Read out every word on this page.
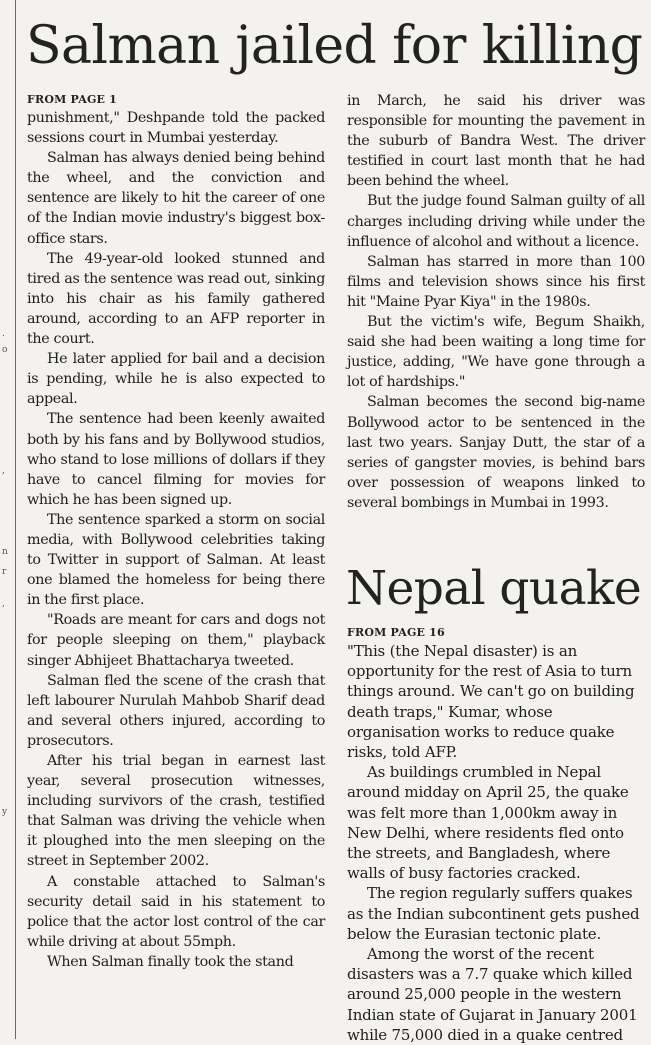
.
o
,
n
r
,
y
Salman jailed for killing

FROM PAGE 1

punishment," Deshpande told the packed sessions court in Mumbai yesterday.

Salman has always denied being behind the wheel, and the conviction and sentence are likely to hit the career of one of the Indian movie industry's biggest box-office stars.

The 49-year-old looked stunned and tired as the sentence was read out, sinking into his chair as his family gathered around, according to an AFP reporter in the court.

He later applied for bail and a decision is pending, while he is also expected to appeal.

The sentence had been keenly awaited both by his fans and by Bollywood studios, who stand to lose millions of dollars if they have to cancel filming for movies for which he has been signed up.

The sentence sparked a storm on social media, with Bollywood celebrities taking to Twitter in support of Salman. At least one blamed the homeless for being there in the first place.

"Roads are meant for cars and dogs not for people sleeping on them," playback singer Abhijeet Bhattacharya tweeted.

Salman fled the scene of the crash that left labourer Nurulah Mahbob Sharif dead and several others injured, according to prosecutors.

After his trial began in earnest last year, several prosecution witnesses, including survivors of the crash, testified that Salman was driving the vehicle when it ploughed into the men sleeping on the street in September 2002.

A constable attached to Salman's security detail said in his statement to police that the actor lost control of the car while driving at about 55mph.

When Salman finally took the stand

in March, he said his driver was responsible for mounting the pavement in the suburb of Bandra West. The driver testified in court last month that he had been behind the wheel.

But the judge found Salman guilty of all charges including driving while under the influence of alcohol and without a licence.

Salman has starred in more than 100 films and television shows since his first hit "Maine Pyar Kiya" in the 1980s.

But the victim's wife, Begum Shaikh, said she had been waiting a long time for justice, adding, "We have gone through a lot of hardships."

Salman becomes the second big-name Bollywood actor to be sentenced in the last two years. Sanjay Dutt, the star of a series of gangster movies, is behind bars over possession of weapons linked to several bombings in Mumbai in 1993.

Nepal quake

FROM PAGE 16

"This (the Nepal disaster) is an opportunity for the rest of Asia to turn things around. We can't go on building death traps," Kumar, whose organisation works to reduce quake risks, told AFP.

As buildings crumbled in Nepal around midday on April 25, the quake was felt more than 1,000km away in New Delhi, where residents fled onto the streets, and Bangladesh, where walls of busy factories cracked.

The region regularly suffers quakes as the Indian subcontinent gets pushed below the Eurasian tectonic plate.

Among the worst of the recent disasters was a 7.7 quake which killed around 25,000 people in the western Indian state of Gujarat in January 2001 while 75,000 died in a quake centred
